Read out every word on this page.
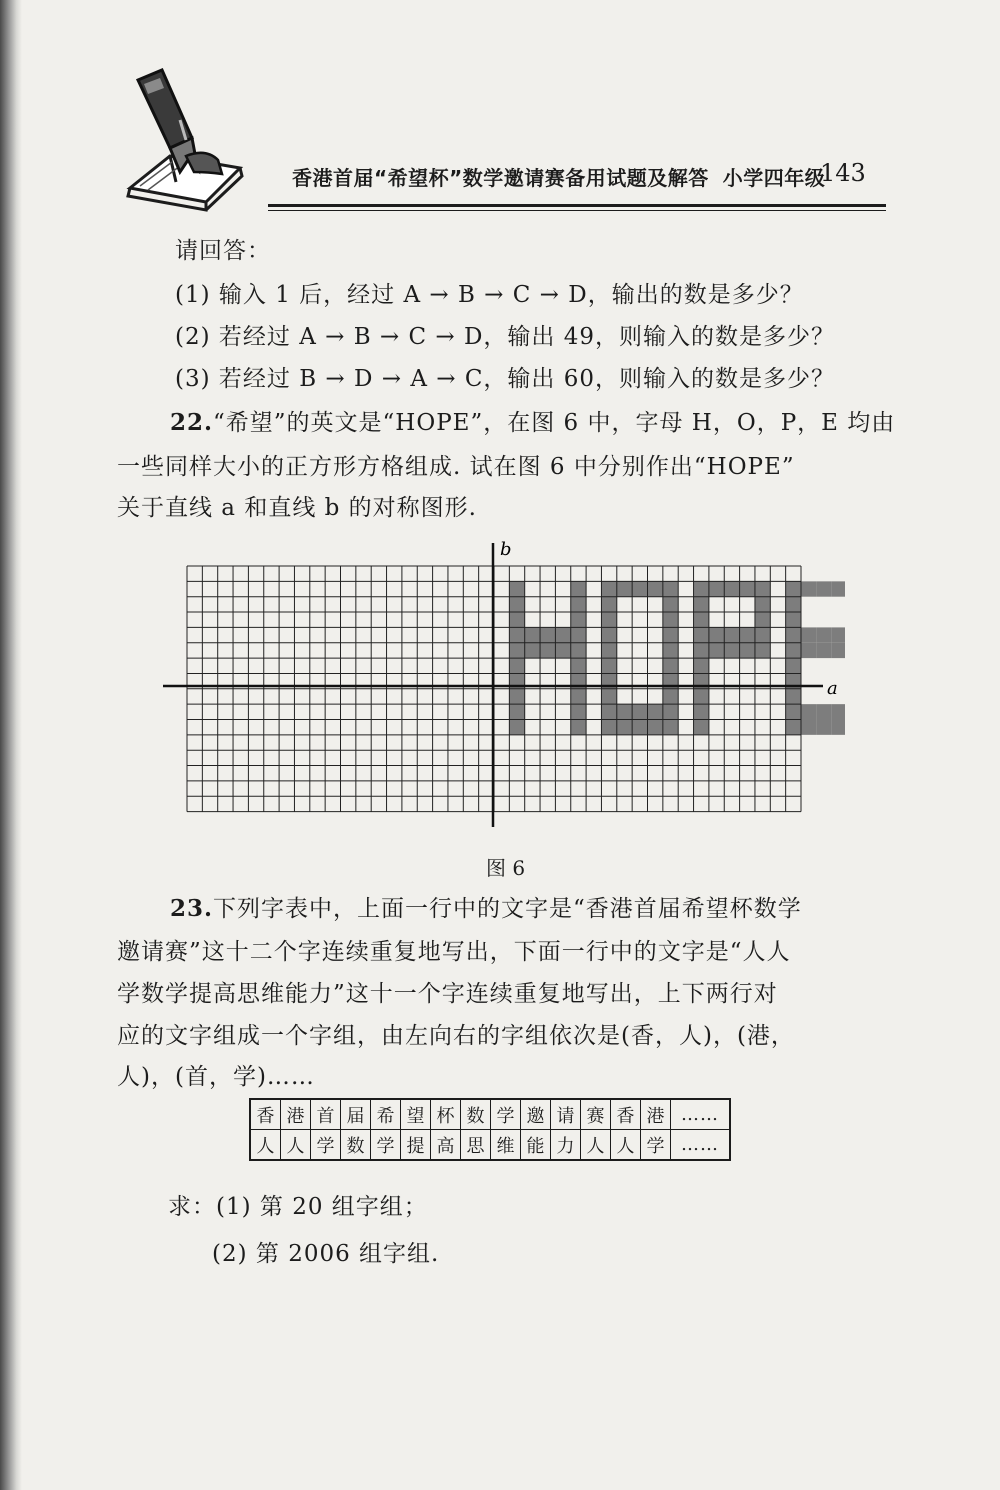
香港首届“希望杯”数学邀请赛备用试题及解答 小学四年级
143
请回答：
(1) 输入 1 后，经过 A → B → C → D，输出的数是多少？
(2) 若经过 A → B → C → D，输出 49，则输入的数是多少？
(3) 若经过 B → D → A → C，输出 60，则输入的数是多少？
22.“希望”的英文是“HOPE”，在图 6 中，字母 H，O，P，E 均由
一些同样大小的正方形方格组成. 试在图 6 中分别作出“HOPE”
关于直线 a 和直线 b 的对称图形.
a
b
图 6
23.下列字表中，上面一行中的文字是“香港首届希望杯数学
邀请赛”这十二个字连续重复地写出，下面一行中的文字是“人人
学数学提高思维能力”这十一个字连续重复地写出，上下两行对
应的文字组成一个字组，由左向右的字组依次是(香，人)，(港，
人)，(首，学)……
香	港	首	届	希	望	杯	数	学	邀	请	赛	香	港	……
人	人	学	数	学	提	高	思	维	能	力	人	人	学	……
求：(1) 第 20 组字组；
(2) 第 2006 组字组.
